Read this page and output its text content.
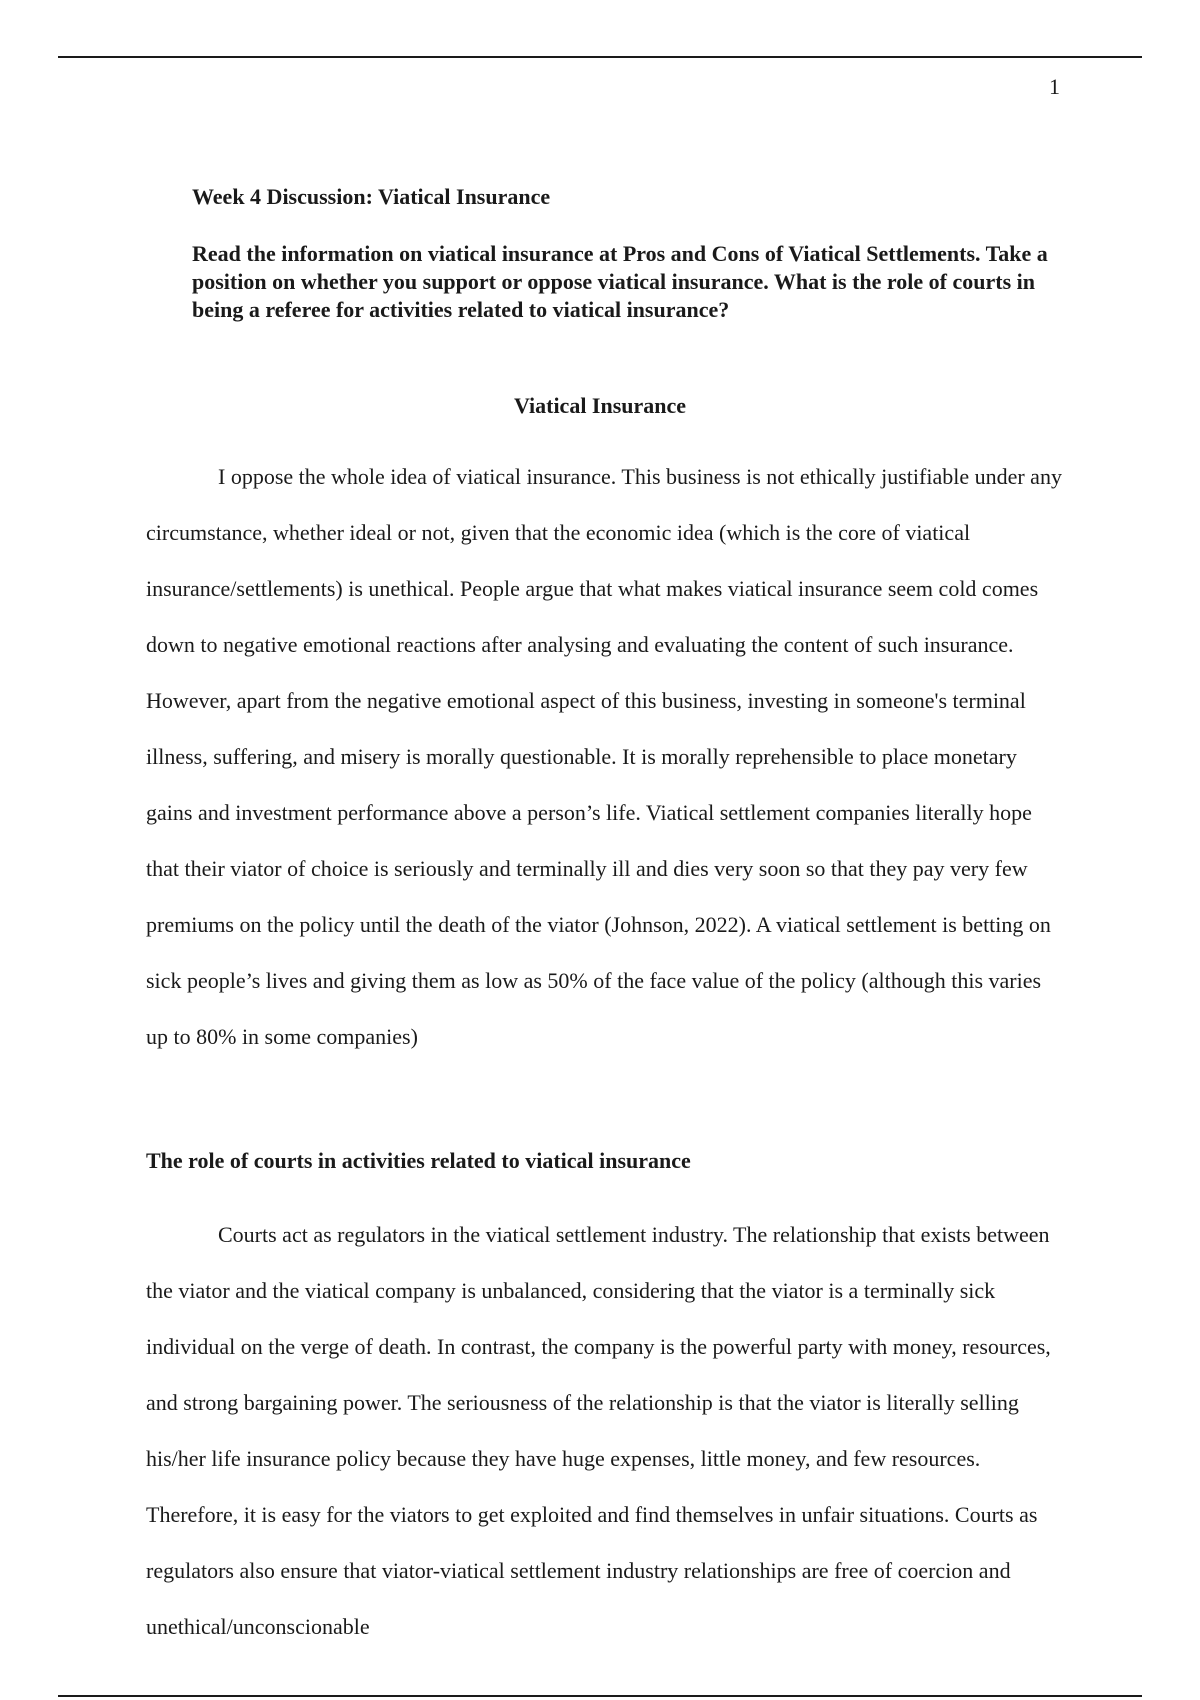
1

Week 4 Discussion: Viatical Insurance

Read the information on viatical insurance at Pros and Cons of Viatical Settlements. Take a position on whether you support or oppose viatical insurance. What is the role of courts in being a referee for activities related to viatical insurance?

Viatical Insurance

I oppose the whole idea of viatical insurance. This business is not ethically justifiable under any circumstance, whether ideal or not, given that the economic idea (which is the core of viatical insurance/settlements) is unethical. People argue that what makes viatical insurance seem cold comes down to negative emotional reactions after analysing and evaluating the content of such insurance. However, apart from the negative emotional aspect of this business, investing in someone's terminal illness, suffering, and misery is morally questionable. It is morally reprehensible to place monetary gains and investment performance above a person’s life. Viatical settlement companies literally hope that their viator of choice is seriously and terminally ill and dies very soon so that they pay very few premiums on the policy until the death of the viator (Johnson, 2022). A viatical settlement is betting on sick people’s lives and giving them as low as 50% of the face value of the policy (although this varies up to 80% in some companies)

The role of courts in activities related to viatical insurance

Courts act as regulators in the viatical settlement industry. The relationship that exists between the viator and the viatical company is unbalanced, considering that the viator is a terminally sick individual on the verge of death. In contrast, the company is the powerful party with money, resources, and strong bargaining power. The seriousness of the relationship is that the viator is literally selling his/her life insurance policy because they have huge expenses, little money, and few resources. Therefore, it is easy for the viators to get exploited and find themselves in unfair situations. Courts as regulators also ensure that viator-viatical settlement industry relationships are free of coercion and unethical/unconscionable
